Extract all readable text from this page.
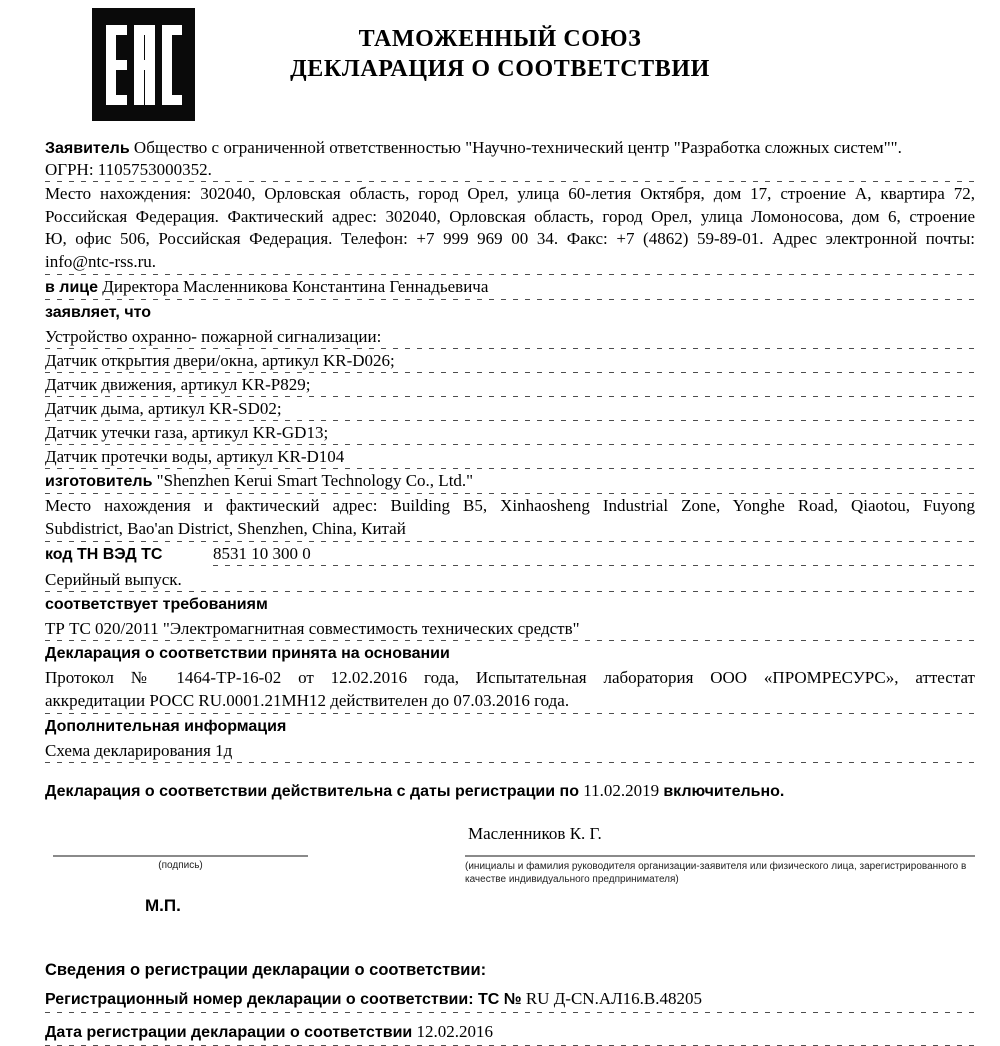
ТАМОЖЕННЫЙ СОЮЗ
ДЕКЛАРАЦИЯ О СООТВЕТСТВИИ
Заявитель Общество с ограниченной ответственностью "Научно-технический центр "Разработка сложных систем"".
ОГРН: 1105753000352.
Место нахождения: 302040, Орловская область, город Орел, улица 60-летия Октября, дом 17, строение А, квартира 72,
Российская Федерация. Фактический адрес: 302040, Орловская область, город Орел, улица Ломоносова, дом 6, строение
Ю, офис 506, Российская Федерация. Телефон: +7 999 969 00 34. Факс: +7 (4862) 59-89-01. Адрес электронной почты:
info@ntc-rss.ru.
в лице Директора Масленникова Константина Геннадьевича
заявляет, что
Устройство охранно- пожарной сигнализации:
Датчик открытия двери/окна, артикул KR-D026;
Датчик движения, артикул KR-P829;
Датчик дыма, артикул KR-SD02;
Датчик утечки газа, артикул KR-GD13;
Датчик протечки воды, артикул KR-D104
изготовитель "Shenzhen Kerui Smart Technology Co., Ltd."
Место нахождения и фактический адрес: Building B5, Xinhaosheng Industrial Zone, Yonghe Road, Qiaotou, Fuyong
Subdistrict, Bao'an District, Shenzhen, China, Китай
код ТН ВЭД ТС	8531 10 300 0
Серийный выпуск.
соответствует требованиям
ТР ТС 020/2011 "Электромагнитная совместимость технических средств"
Декларация о соответствии принята на основании
Протокол № 1464-ТР-16-02 от 12.02.2016 года, Испытательная лаборатория ООО «ПРОМРЕСУРС», аттестат
аккредитации РОСС RU.0001.21МН12 действителен до 07.03.2016 года.
Дополнительная информация
Схема декларирования 1д
Декларация о соответствии действительна с даты регистрации по 11.02.2019 включительно.
Масленников К. Г.
(подпись)	(инициалы и фамилия руководителя организации-заявителя или физического лица, зарегистрированного в качестве индивидуального предпринимателя)
М.П.
Сведения о регистрации декларации о соответствии:
Регистрационный номер декларации о соответствии: ТС № RU Д-CN.АЛ16.В.48205
Дата регистрации декларации о соответствии 12.02.2016
